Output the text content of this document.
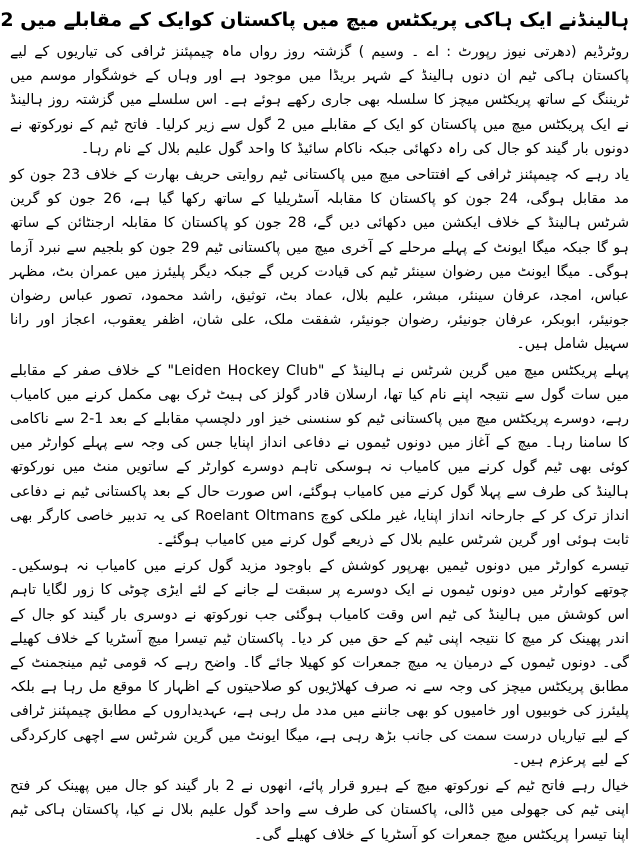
ہالینڈنے ایک ہاکی پریکٹس میچ میں پاکستان کوایک کے مقابلے میں 2

روٹرڈیم (دھرتی نیوز رپورٹ : اے ۔ وسیم ) گزشتہ روز رواں ماہ چیمپئنز ٹرافی کی تیاریوں کے لیے پاکستان ہاکی ٹیم ان دنوں ہالینڈ کے شہر بریڈا میں موجود ہے اور وہاں کے خوشگوار موسم میں ٹریننگ کے ساتھ پریکٹس میچز کا سلسلہ بھی جاری رکھے ہوئے ہے۔ اس سلسلے میں گزشتہ روز ہالینڈ نے ایک پریکٹس میچ میں پاکستان کو ایک کے مقابلے میں 2 گول سے زیر کرلیا۔ فاتح ٹیم کے نورکوتھ نے دونوں بار گیند کو جال کی راہ دکھائی جبکہ ناکام سائیڈ کا واحد گول علیم بلال کے نام رہا۔

یاد رہے کہ چیمپئنز ٹرافی کے افتتاحی میچ میں پاکستانی ٹیم روایتی حریف بھارت کے خلاف 23 جون کو مد مقابل ہوگی، 24 جون کو پاکستان کا مقابلہ آسٹریلیا کے ساتھ رکھا گیا ہے، 26 جون کو گرین شرٹس ہالینڈ کے خلاف ایکشن میں دکھائی دیں گے، 28 جون کو پاکستان کا مقابلہ ارجنٹائن کے ساتھ ہو گا جبکہ میگا ایونٹ کے پہلے مرحلے کے آخری میچ میں پاکستانی ٹیم 29 جون کو بلجیم سے نبرد آزما ہوگی۔ میگا ایونٹ میں رضوان سینئر ٹیم کی قیادت کریں گے جبکہ دیگر پلیئرز میں عمران بٹ، مظہر عباس، امجد، عرفان سینئر، مبشر، علیم بلال، عماد بٹ، توثیق، راشد محمود، تصور عباس رضوان جونیئر، ابوبکر، عرفان جونیئر، رضوان جونیئر، شفقت ملک، علی شان، اظفر یعقوب، اعجاز اور رانا سہیل شامل ہیں۔

پہلے پریکٹس میچ میں گرین شرٹس نے ہالینڈ کے "Leiden Hockey Club" کے خلاف صفر کے مقابلے میں سات گول سے نتیجہ اپنے نام کیا تھا، ارسلان قادر گولز کی ہیٹ ٹرک بھی مکمل کرنے میں کامیاب رہے، دوسرے پریکٹس میچ میں پاکستانی ٹیم کو سنسنی خیز اور دلچسپ مقابلے کے بعد 1-2 سے ناکامی کا سامنا رہا۔ میچ کے آغاز میں دونوں ٹیموں نے دفاعی انداز اپنایا جس کی وجہ سے پہلے کوارٹر میں کوئی بھی ٹیم گول کرنے میں کامیاب نہ ہوسکی تاہم دوسرے کوارٹر کے ساتویں منٹ میں نورکوتھ ہالینڈ کی طرف سے پہلا گول کرنے میں کامیاب ہوگئے، اس صورت حال کے بعد پاکستانی ٹیم نے دفاعی انداز ترک کر کے جارحانہ انداز اپنایا، غیر ملکی کوچ Roelant Oltmans کی یہ تدبیر خاصی کارگر بھی ثابت ہوئی اور گرین شرٹس علیم بلال کے ذریعے گول کرنے میں کامیاب ہوگئے۔

تیسرے کوارٹر میں دونوں ٹیمیں بھرپور کوشش کے باوجود مزید گول کرنے میں کامیاب نہ ہوسکیں۔ چوتھے کوارٹر میں دونوں ٹیموں نے ایک دوسرے پر سبقت لے جانے کے لئے ایڑی چوٹی کا زور لگایا تاہم اس کوشش میں ہالینڈ کی ٹیم اس وقت کامیاب ہوگئی جب نورکوتھ نے دوسری بار گیند کو جال کے اندر پھینک کر میچ کا نتیجہ اپنی ٹیم کے حق میں کر دیا۔ پاکستان ٹیم تیسرا میچ آسٹریا کے خلاف کھیلے گی۔ دونوں ٹیموں کے درمیان یہ میچ جمعرات کو کھیلا جائے گا۔ واضح رہے کہ قومی ٹیم مینجمنٹ کے مطابق پریکٹس میچز کی وجہ سے نہ صرف کھلاڑیوں کو صلاحیتوں کے اظہار کا موقع مل رہا ہے بلکہ پلیئرز کی خوبیوں اور خامیوں کو بھی جاننے میں مدد مل رہی ہے، عہدیداروں کے مطابق چیمپئنز ٹرافی کے لیے تیاریاں درست سمت کی جانب بڑھ رہی ہے، میگا ایونٹ میں گرین شرٹس سے اچھی کارکردگی کے لیے پرعزم ہیں۔

خیال رہے فاتح ٹیم کے نورکوتھ میچ کے ہیرو قرار پائے، انھوں نے 2 بار گیند کو جال میں پھینک کر فتح اپنی ٹیم کی جھولی میں ڈالی، پاکستان کی طرف سے واحد گول علیم بلال نے کیا، پاکستان ہاکی ٹیم اپنا تیسرا پریکٹس میچ جمعرات کو آسٹریا کے خلاف کھیلے گی۔
